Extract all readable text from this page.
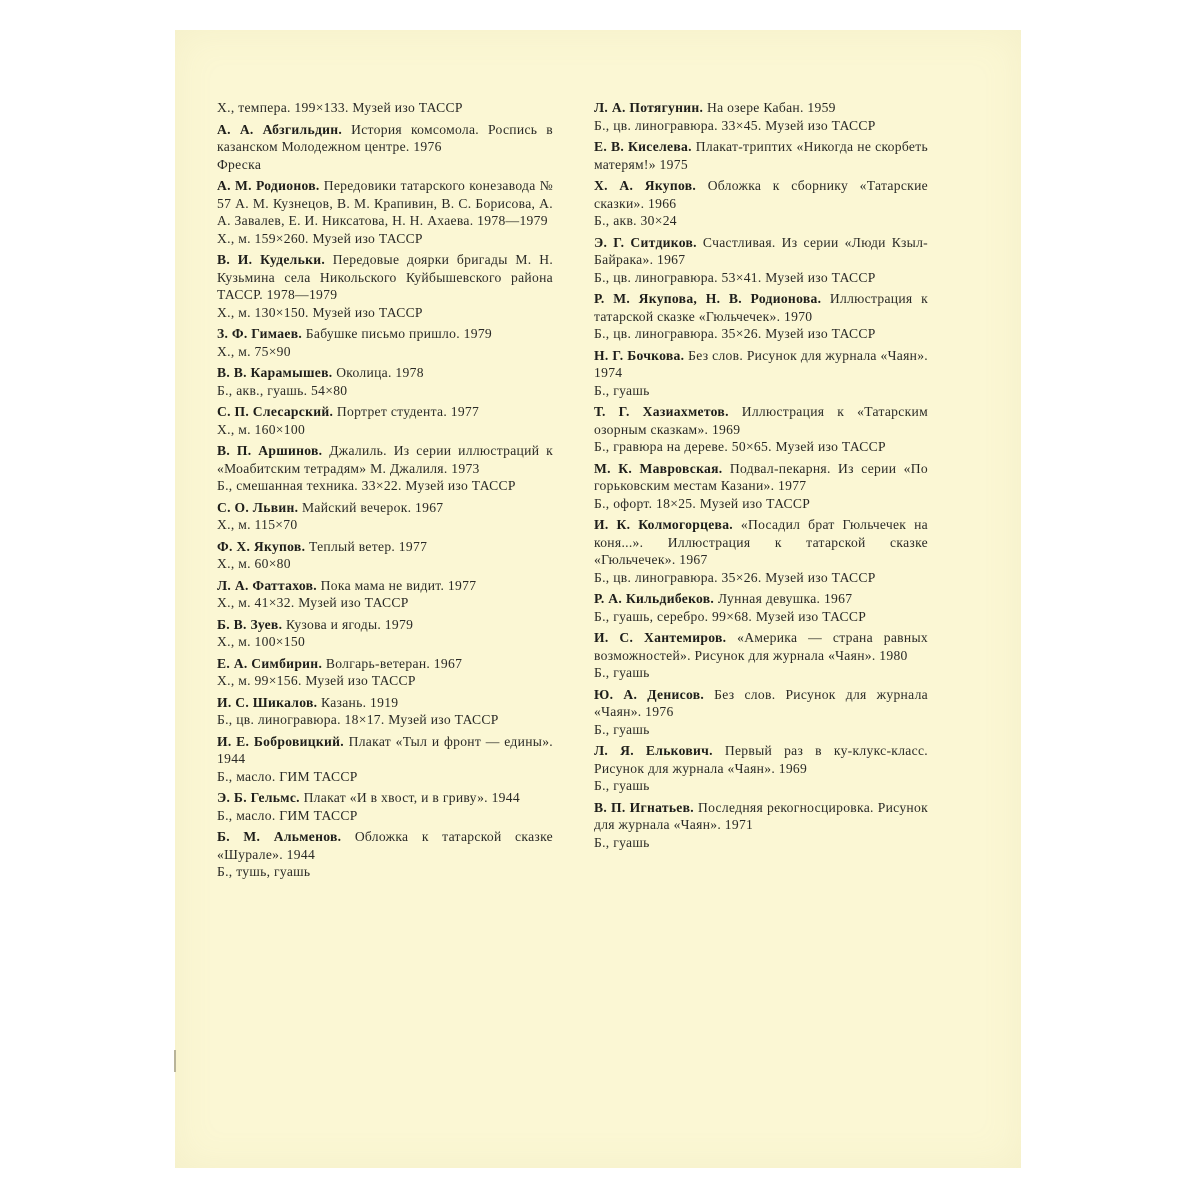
Х., темпера. 199×133. Музей изо ТАССР

А. А. Абзгильдин. История комсомола. Роспись в казанском Молодежном центре. 1976
Фреска

А. М. Родионов. Передовики татарского конезавода № 57 А. М. Кузнецов, В. М. Крапивин, В. С. Борисова, А. А. Завалев, Е. И. Никсатова, Н. Н. Ахаева. 1978—1979
Х., м. 159×260. Музей изо ТАССР

В. И. Кудельки. Передовые доярки бригады М. Н. Кузьмина села Никольского Куйбышевского района ТАССР. 1978—1979
Х., м. 130×150. Музей изо ТАССР

З. Ф. Гимаев. Бабушке письмо пришло. 1979
Х., м. 75×90

В. В. Карамышев. Околица. 1978
Б., акв., гуашь. 54×80

С. П. Слесарский. Портрет студента. 1977
Х., м. 160×100

В. П. Аршинов. Джалиль. Из серии иллюстраций к «Моабитским тетрадям» М. Джалиля. 1973
Б., смешанная техника. 33×22. Музей изо ТАССР

С. О. Львин. Майский вечерок. 1967
Х., м. 115×70

Ф. Х. Якупов. Теплый ветер. 1977
Х., м. 60×80

Л. А. Фаттахов. Пока мама не видит. 1977
Х., м. 41×32. Музей изо ТАССР

Б. В. Зуев. Кузова и ягоды. 1979
Х., м. 100×150

Е. А. Симбирин. Волгарь-ветеран. 1967
Х., м. 99×156. Музей изо ТАССР

И. С. Шикалов. Казань. 1919
Б., цв. линогравюра. 18×17. Музей изо ТАССР

И. Е. Бобровицкий. Плакат «Тыл и фронт — едины». 1944
Б., масло. ГИМ ТАССР

Э. Б. Гельмс. Плакат «И в хвост, и в гриву». 1944
Б., масло. ГИМ ТАССР

Б. М. Альменов. Обложка к татарской сказке «Шурале». 1944
Б., тушь, гуашь

Л. А. Потягунин. На озере Кабан. 1959
Б., цв. линогравюра. 33×45. Музей изо ТАССР

Е. В. Киселева. Плакат-триптих «Никогда не скорбеть матерям!» 1975

Х. А. Якупов. Обложка к сборнику «Татарские сказки». 1966
Б., акв. 30×24

Э. Г. Ситдиков. Счастливая. Из серии «Люди Кзыл-Байрака». 1967
Б., цв. линогравюра. 53×41. Музей изо ТАССР

Р. М. Якупова, Н. В. Родионова. Иллюстрация к татарской сказке «Гюльчечек». 1970
Б., цв. линогравюра. 35×26. Музей изо ТАССР

Н. Г. Бочкова. Без слов. Рисунок для журнала «Чаян». 1974
Б., гуашь

Т. Г. Хазиахметов. Иллюстрация к «Татарским озорным сказкам». 1969
Б., гравюра на дереве. 50×65. Музей изо ТАССР

М. К. Мавровская. Подвал-пекарня. Из серии «По горьковским местам Казани». 1977
Б., офорт. 18×25. Музей изо ТАССР

И. К. Колмогорцева. «Посадил брат Гюльчечек на коня...». Иллюстрация к татарской сказке «Гюльчечек». 1967
Б., цв. линогравюра. 35×26. Музей изо ТАССР

Р. А. Кильдибеков. Лунная девушка. 1967
Б., гуашь, серебро. 99×68. Музей изо ТАССР

И. С. Хантемиров. «Америка — страна равных возможностей». Рисунок для журнала «Чаян». 1980
Б., гуашь

Ю. А. Денисов. Без слов. Рисунок для журнала «Чаян». 1976
Б., гуашь

Л. Я. Елькович. Первый раз в ку-клукс-класс. Рисунок для журнала «Чаян». 1969
Б., гуашь

В. П. Игнатьев. Последняя рекогносцировка. Рисунок для журнала «Чаян». 1971
Б., гуашь
